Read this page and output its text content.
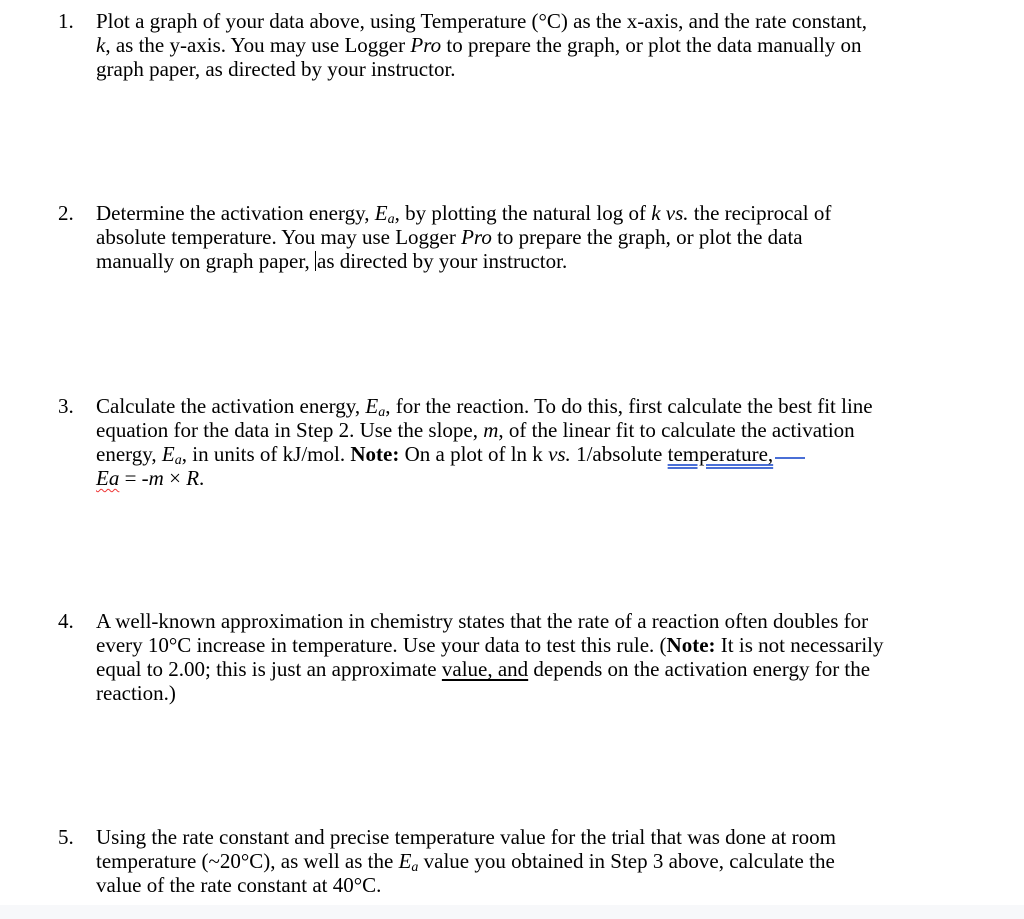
1. Plot a graph of your data above, using Temperature (°C) as the x-axis, and the rate constant,
k, as the y-axis. You may use Logger Pro to prepare the graph, or plot the data manually on
graph paper, as directed by your instructor.
2. Determine the activation energy, $E_a$, by plotting the natural log of k vs. the reciprocal of
absolute temperature. You may use Logger Pro to prepare the graph, or plot the data
manually on graph paper, as directed by your instructor.
3. Calculate the activation energy, $E_a$, for the reaction. To do this, first calculate the best fit line
equation for the data in Step 2. Use the slope, m, of the linear fit to calculate the activation
energy, $E_a$, in units of kJ/mol. Note: On a plot of ln k vs. 1/absolute temperature,
Ea = -m × R.
4. A well-known approximation in chemistry states that the rate of a reaction often doubles for
every 10°C increase in temperature. Use your data to test this rule. (Note: It is not necessarily
equal to 2.00; this is just an approximate value, and depends on the activation energy for the
reaction.)
5. Using the rate constant and precise temperature value for the trial that was done at room
temperature (~20°C), as well as the $E_a$ value you obtained in Step 3 above, calculate the
value of the rate constant at 40°C.
